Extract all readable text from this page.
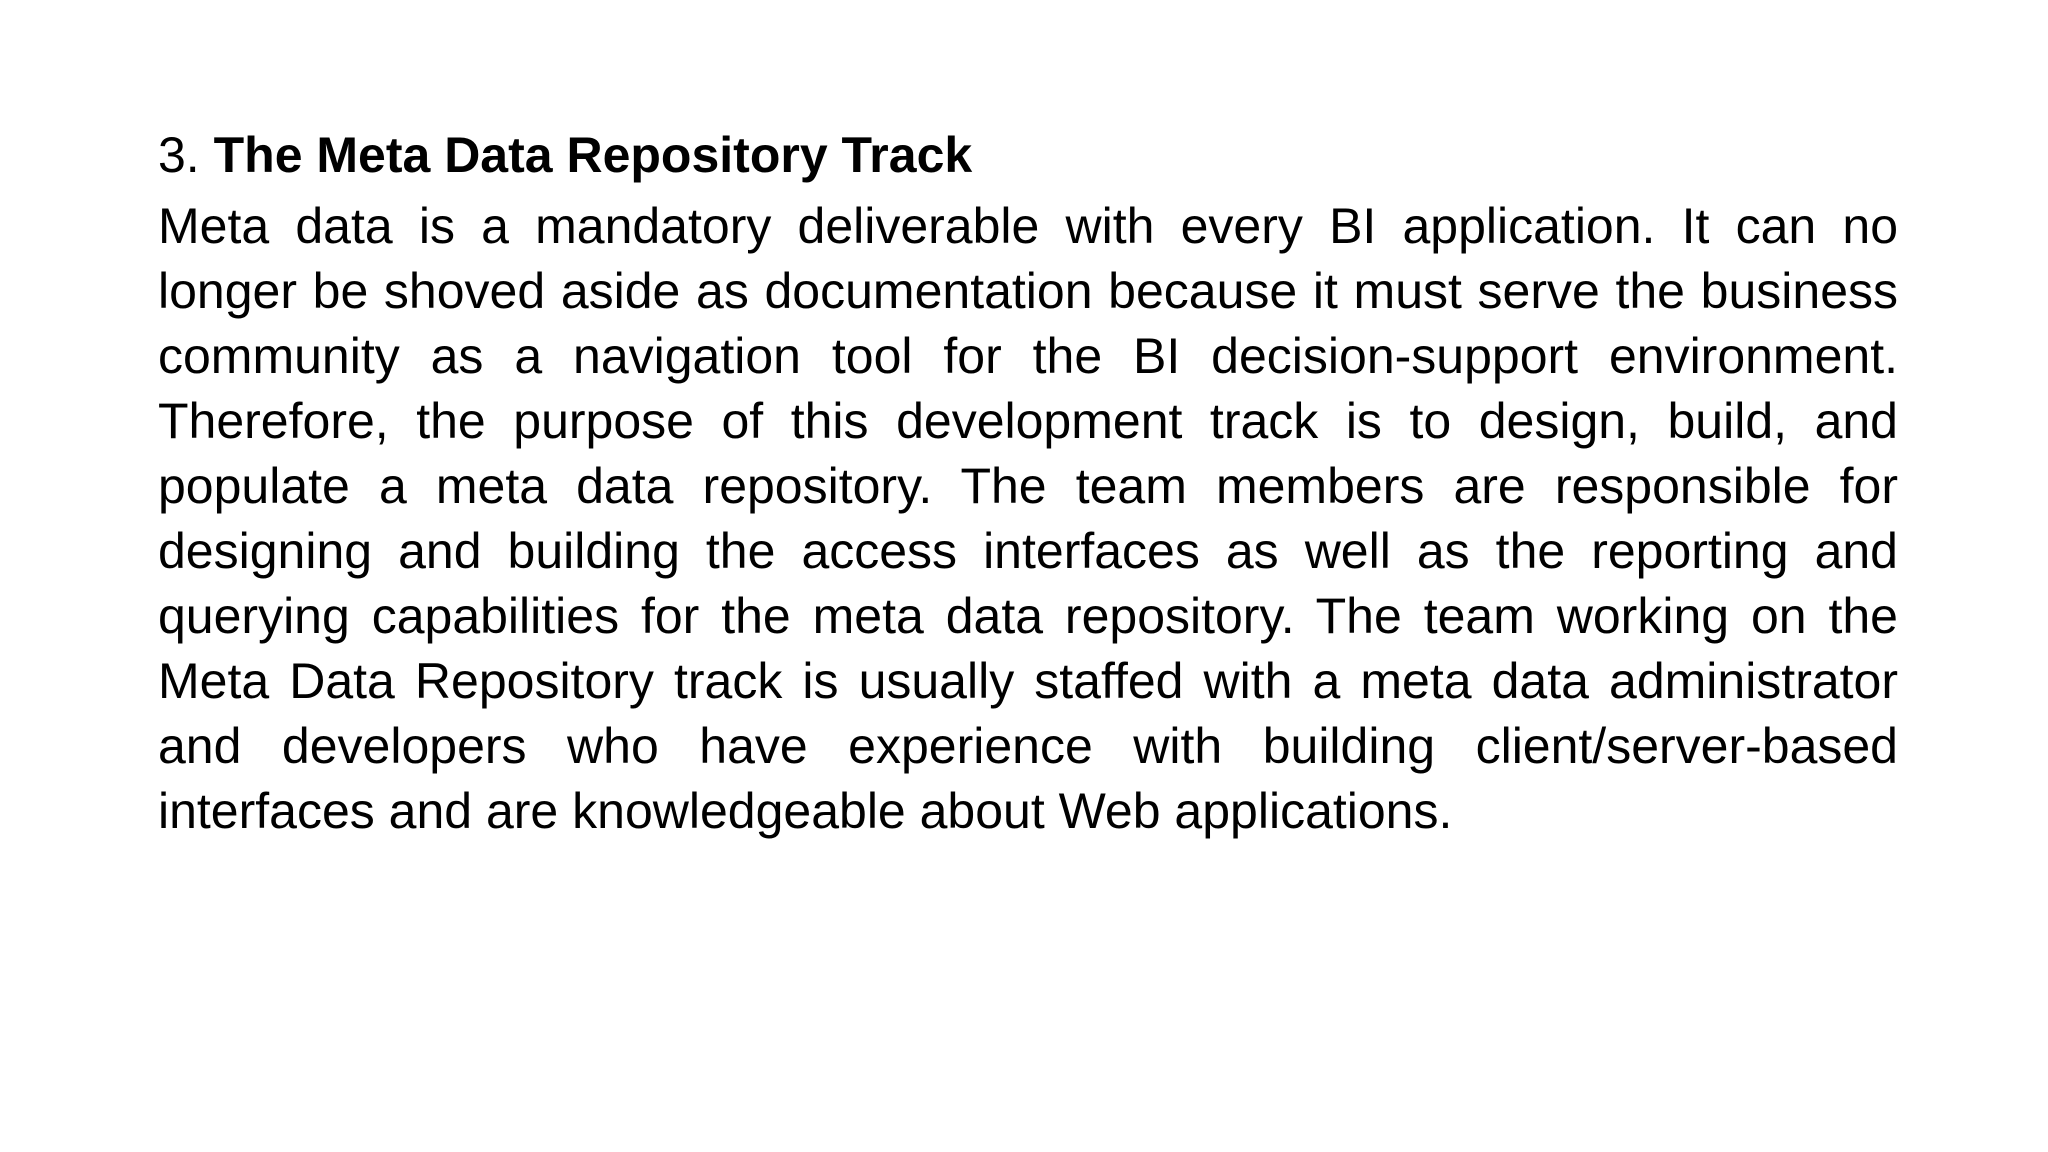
3. The Meta Data Repository Track

Meta data is a mandatory deliverable with every BI application. It can no longer be shoved aside as documentation because it must serve the business community as a navigation tool for the BI decision-support environment. Therefore, the purpose of this development track is to design, build, and populate a meta data repository. The team members are responsible for designing and building the access interfaces as well as the reporting and querying capabilities for the meta data repository. The team working on the Meta Data Repository track is usually staffed with a meta data administrator and developers who have experience with building client/server-based interfaces and are knowledgeable about Web applications.
